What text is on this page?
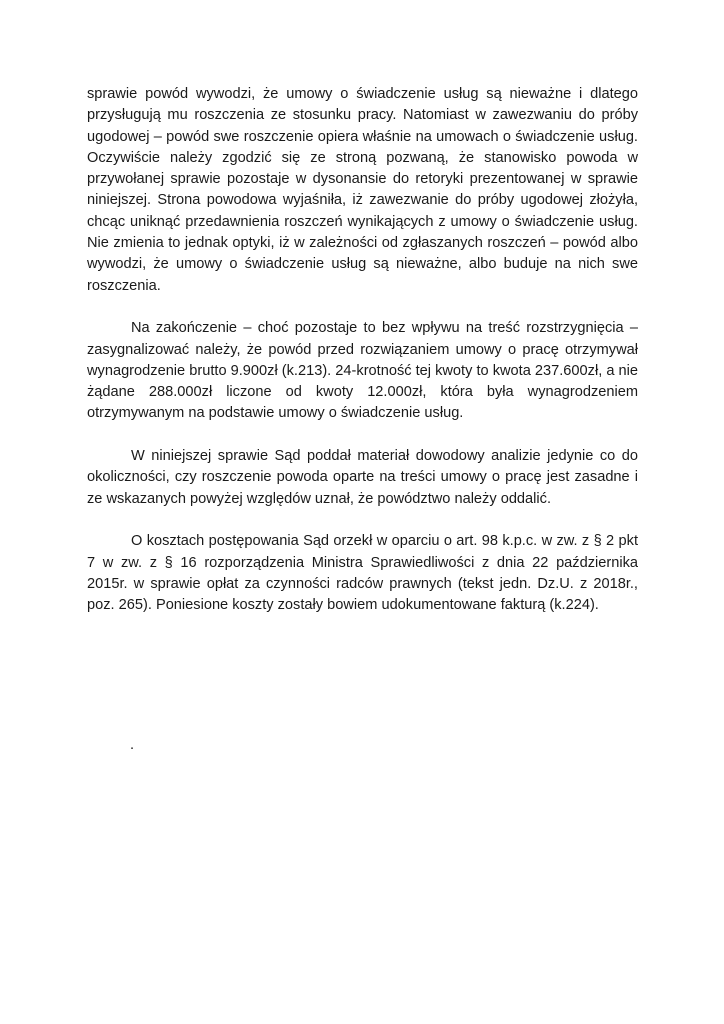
sprawie powód wywodzi, że umowy o świadczenie usług są nieważne i dlatego przysługują mu roszczenia ze stosunku pracy. Natomiast w zawezwaniu do próby ugodowej – powód swe roszczenie opiera właśnie na umowach o świadczenie usług. Oczywiście należy zgodzić się ze stroną pozwaną, że stanowisko powoda w przywołanej sprawie pozostaje w dysonansie do retoryki prezentowanej w sprawie niniejszej. Strona powodowa wyjaśniła, iż zawezwanie do próby ugodowej złożyła, chcąc uniknąć przedawnienia roszczeń wynikających z umowy o świadczenie usług. Nie zmienia to jednak optyki, iż w zależności od zgłaszanych roszczeń – powód albo wywodzi, że umowy o świadczenie usług są nieważne, albo buduje na nich swe roszczenia.

Na zakończenie – choć pozostaje to bez wpływu na treść rozstrzygnięcia – zasygnalizować należy, że powód przed rozwiązaniem umowy o pracę otrzymywał wynagrodzenie brutto 9.900zł (k.213). 24-krotność tej kwoty to kwota 237.600zł, a nie żądane 288.000zł liczone od kwoty 12.000zł, która była wynagrodzeniem otrzymywanym na podstawie umowy o świadczenie usług.

W niniejszej sprawie Sąd poddał materiał dowodowy analizie jedynie co do okoliczności, czy roszczenie powoda oparte na treści umowy o pracę jest zasadne i ze wskazanych powyżej względów uznał, że powództwo należy oddalić.

O kosztach postępowania Sąd orzekł w oparciu o art. 98 k.p.c. w zw. z § 2 pkt 7 w zw. z § 16 rozporządzenia Ministra Sprawiedliwości z dnia 22 października 2015r. w sprawie opłat za czynności radców prawnych (tekst jedn. Dz.U. z 2018r., poz. 265). Poniesione koszty zostały bowiem udokumentowane fakturą (k.224).

.
